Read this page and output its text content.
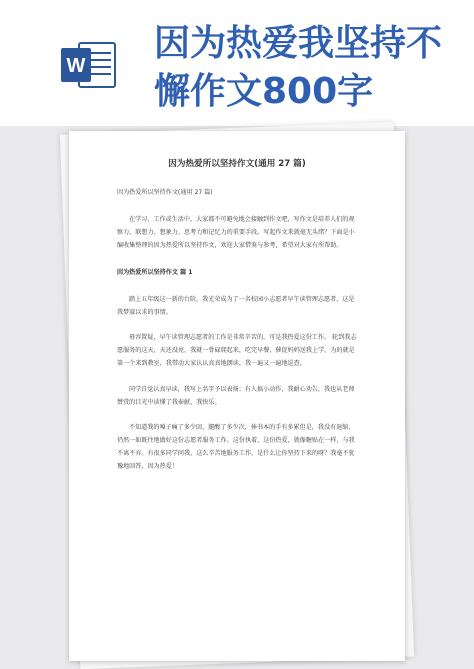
W
因为热爱我坚持不
懈作文800字
因为热爱所以坚持作文(通用 27 篇)
因为热爱所以坚持作文(通用 27 篇)
在学习、工作或生活中，大家都不可避免地会接触到作文吧，写作文是培养人们的观
察力、联想力、想象力、思考力和记忆力的重要手段。写起作文来就毫无头绪？下面是小
编收集整理的因为热爱所以坚持作文，欢迎大家借鉴与参考，希望对大家有所帮助。
因为热爱所以坚持作文 篇 1
踏上五年级这一新的台阶，我光荣成为了一名校园小志愿者早午读管理志愿者，这是
我梦寐以求的事情。
毋容置疑，早午读管理志愿者的工作是非常辛苦的，可是我热爱这份工作。 轮到我志
愿服务的这天，天还没亮，我就一骨碌爬起来，吃完早餐，催促妈妈送我上学，为的就是
第一个来到教室，我带动大家认认真真地朗读，我一遍又一遍地巡查。
同学自觉认真早读，我写上名字予以表扬；有人搞小动作，我耐心劝告，我也从老师
赞赏的目光中读懂了我奉献，我快乐。
不知道我的嗓子痛了多少回，腿酸了多少次，捧书本的手有多累但是，我没有退缩，
仍然一如既往地做好这份志愿者服务工作。这份执着，这份热爱，就像糖贴在一样，与我
不离不弃。有很多同学问我，这么辛苦地服务工作，是什么让你坚持下来的呀？我毫不犹
豫地回答，因为热爱！
